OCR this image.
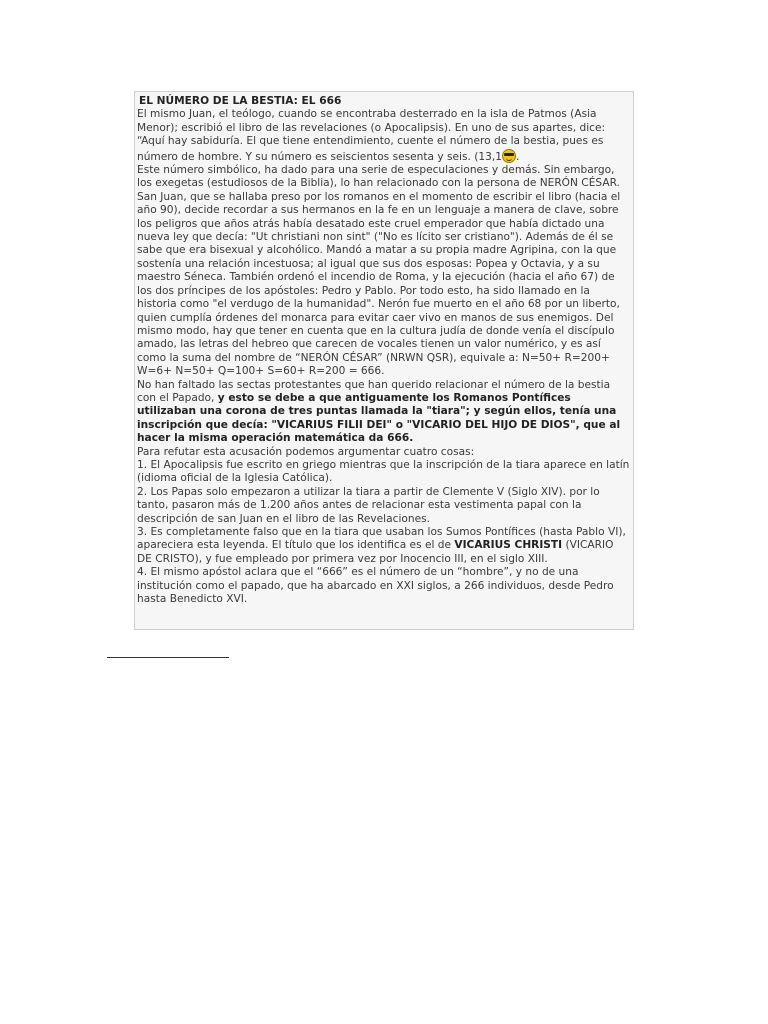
EL NÚMERO DE LA BESTIA: EL 666

El mismo Juan, el teólogo, cuando se encontraba desterrado en la isla de Patmos (Asia Menor); escribió el libro de las revelaciones (o Apocalipsis). En uno de sus apartes, dice: “Aquí hay sabiduría. El que tiene entendimiento, cuente el número de la bestia, pues es número de hombre. Y su número es seiscientos sesenta y seis. (13,1 .

Este número simbólico, ha dado para una serie de especulaciones y demás. Sin embargo, los exegetas (estudiosos de la Biblia), lo han relacionado con la persona de NERÓN CÉSAR. San Juan, que se hallaba preso por los romanos en el momento de escribir el libro (hacia el año 90), decide recordar a sus hermanos en la fe en un lenguaje a manera de clave, sobre los peligros que años atrás había desatado este cruel emperador que había dictado una nueva ley que decía: "Ut christiani non sint" ("No es lícito ser cristiano"). Además de él se sabe que era bisexual y alcohólico. Mandó a matar a su propia madre Agripina, con la que sostenía una relación incestuosa; al igual que sus dos esposas: Popea y Octavia, y a su maestro Séneca. También ordenó el incendio de Roma, y la ejecución (hacia el año 67) de los dos príncipes de los apóstoles: Pedro y Pablo. Por todo esto, ha sido llamado en la historia como "el verdugo de la humanidad". Nerón fue muerto en el año 68 por un liberto, quien cumplía órdenes del monarca para evitar caer vivo en manos de sus enemigos. Del mismo modo, hay que tener en cuenta que en la cultura judía de donde venía el discípulo amado, las letras del hebreo que carecen de vocales tienen un valor numérico, y es así como la suma del nombre de “NERÓN CÉSAR” (NRWN QSR), equivale a: N=50+ R=200+ W=6+ N=50+ Q=100+ S=60+ R=200 = 666.

No han faltado las sectas protestantes que han querido relacionar el número de la bestia con el Papado, y esto se debe a que antiguamente los Romanos Pontífices utilizaban una corona de tres puntas llamada la "tiara"; y según ellos, tenía una inscripción que decía: "VICARIUS FILII DEI" o "VICARIO DEL HIJO DE DIOS", que al hacer la misma operación matemática da 666.

Para refutar esta acusación podemos argumentar cuatro cosas:

1. El Apocalipsis fue escrito en griego mientras que la inscripción de la tiara aparece en latín (idioma oficial de la Iglesia Católica).

2. Los Papas solo empezaron a utilizar la tiara a partir de Clemente V (Siglo XIV). por lo tanto, pasaron más de 1.200 años antes de relacionar esta vestimenta papal con la descripción de san Juan en el libro de las Revelaciones.

3. Es completamente falso que en la tiara que usaban los Sumos Pontífices (hasta Pablo VI), apareciera esta leyenda. El título que los identifica es el de VICARIUS CHRISTI (VICARIO DE CRISTO), y fue empleado por primera vez por Inocencio III, en el siglo XIII.

4. El mismo apóstol aclara que el “666” es el número de un “hombre”, y no de una institución como el papado, que ha abarcado en XXI siglos, a 266 individuos, desde Pedro hasta Benedicto XVI.
